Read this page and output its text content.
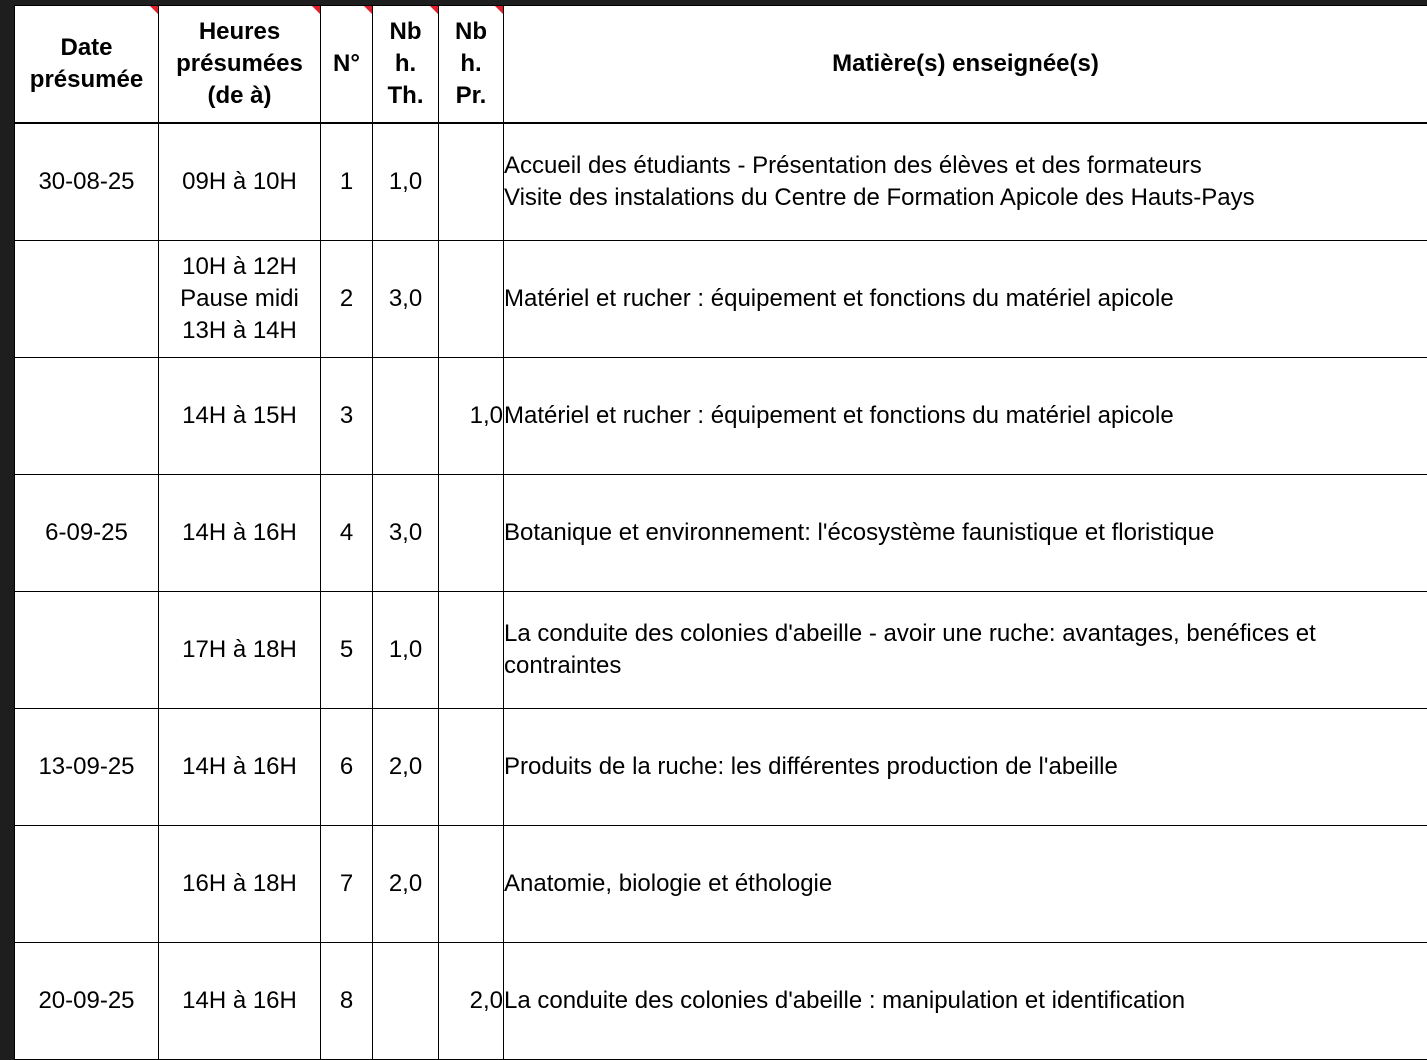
Date
présumée	Heures
présumées
(de à)	N°	Nb
h.
Th.	Nb
h.
Pr.	Matière(s) enseignée(s)
30-08-25	09H à 10H	1	1,0		Accueil des étudiants - Présentation des élèves et des formateurs
Visite des instalations du Centre de Formation Apicole des Hauts-Pays

	10H à 12H
Pause midi
13H à 14H	2	3,0		Matériel et rucher : équipement et fonctions du matériel apicole

	14H à 15H	3		1,0	Matériel et rucher : équipement et fonctions du matériel apicole

6-09-25	14H à 16H	4	3,0		Botanique et environnement: l'écosystème faunistique et floristique

	17H à 18H	5	1,0		La conduite des colonies d'abeille - avoir une ruche: avantages, benéfices et contraintes
13-09-25	14H à 16H	6	2,0		Produits de la ruche: les différentes production de l'abeille

	16H à 18H	7	2,0		Anatomie, biologie et éthologie

20-09-25	14H à 16H	8		2,0	La conduite des colonies d'abeille : manipulation et identification
